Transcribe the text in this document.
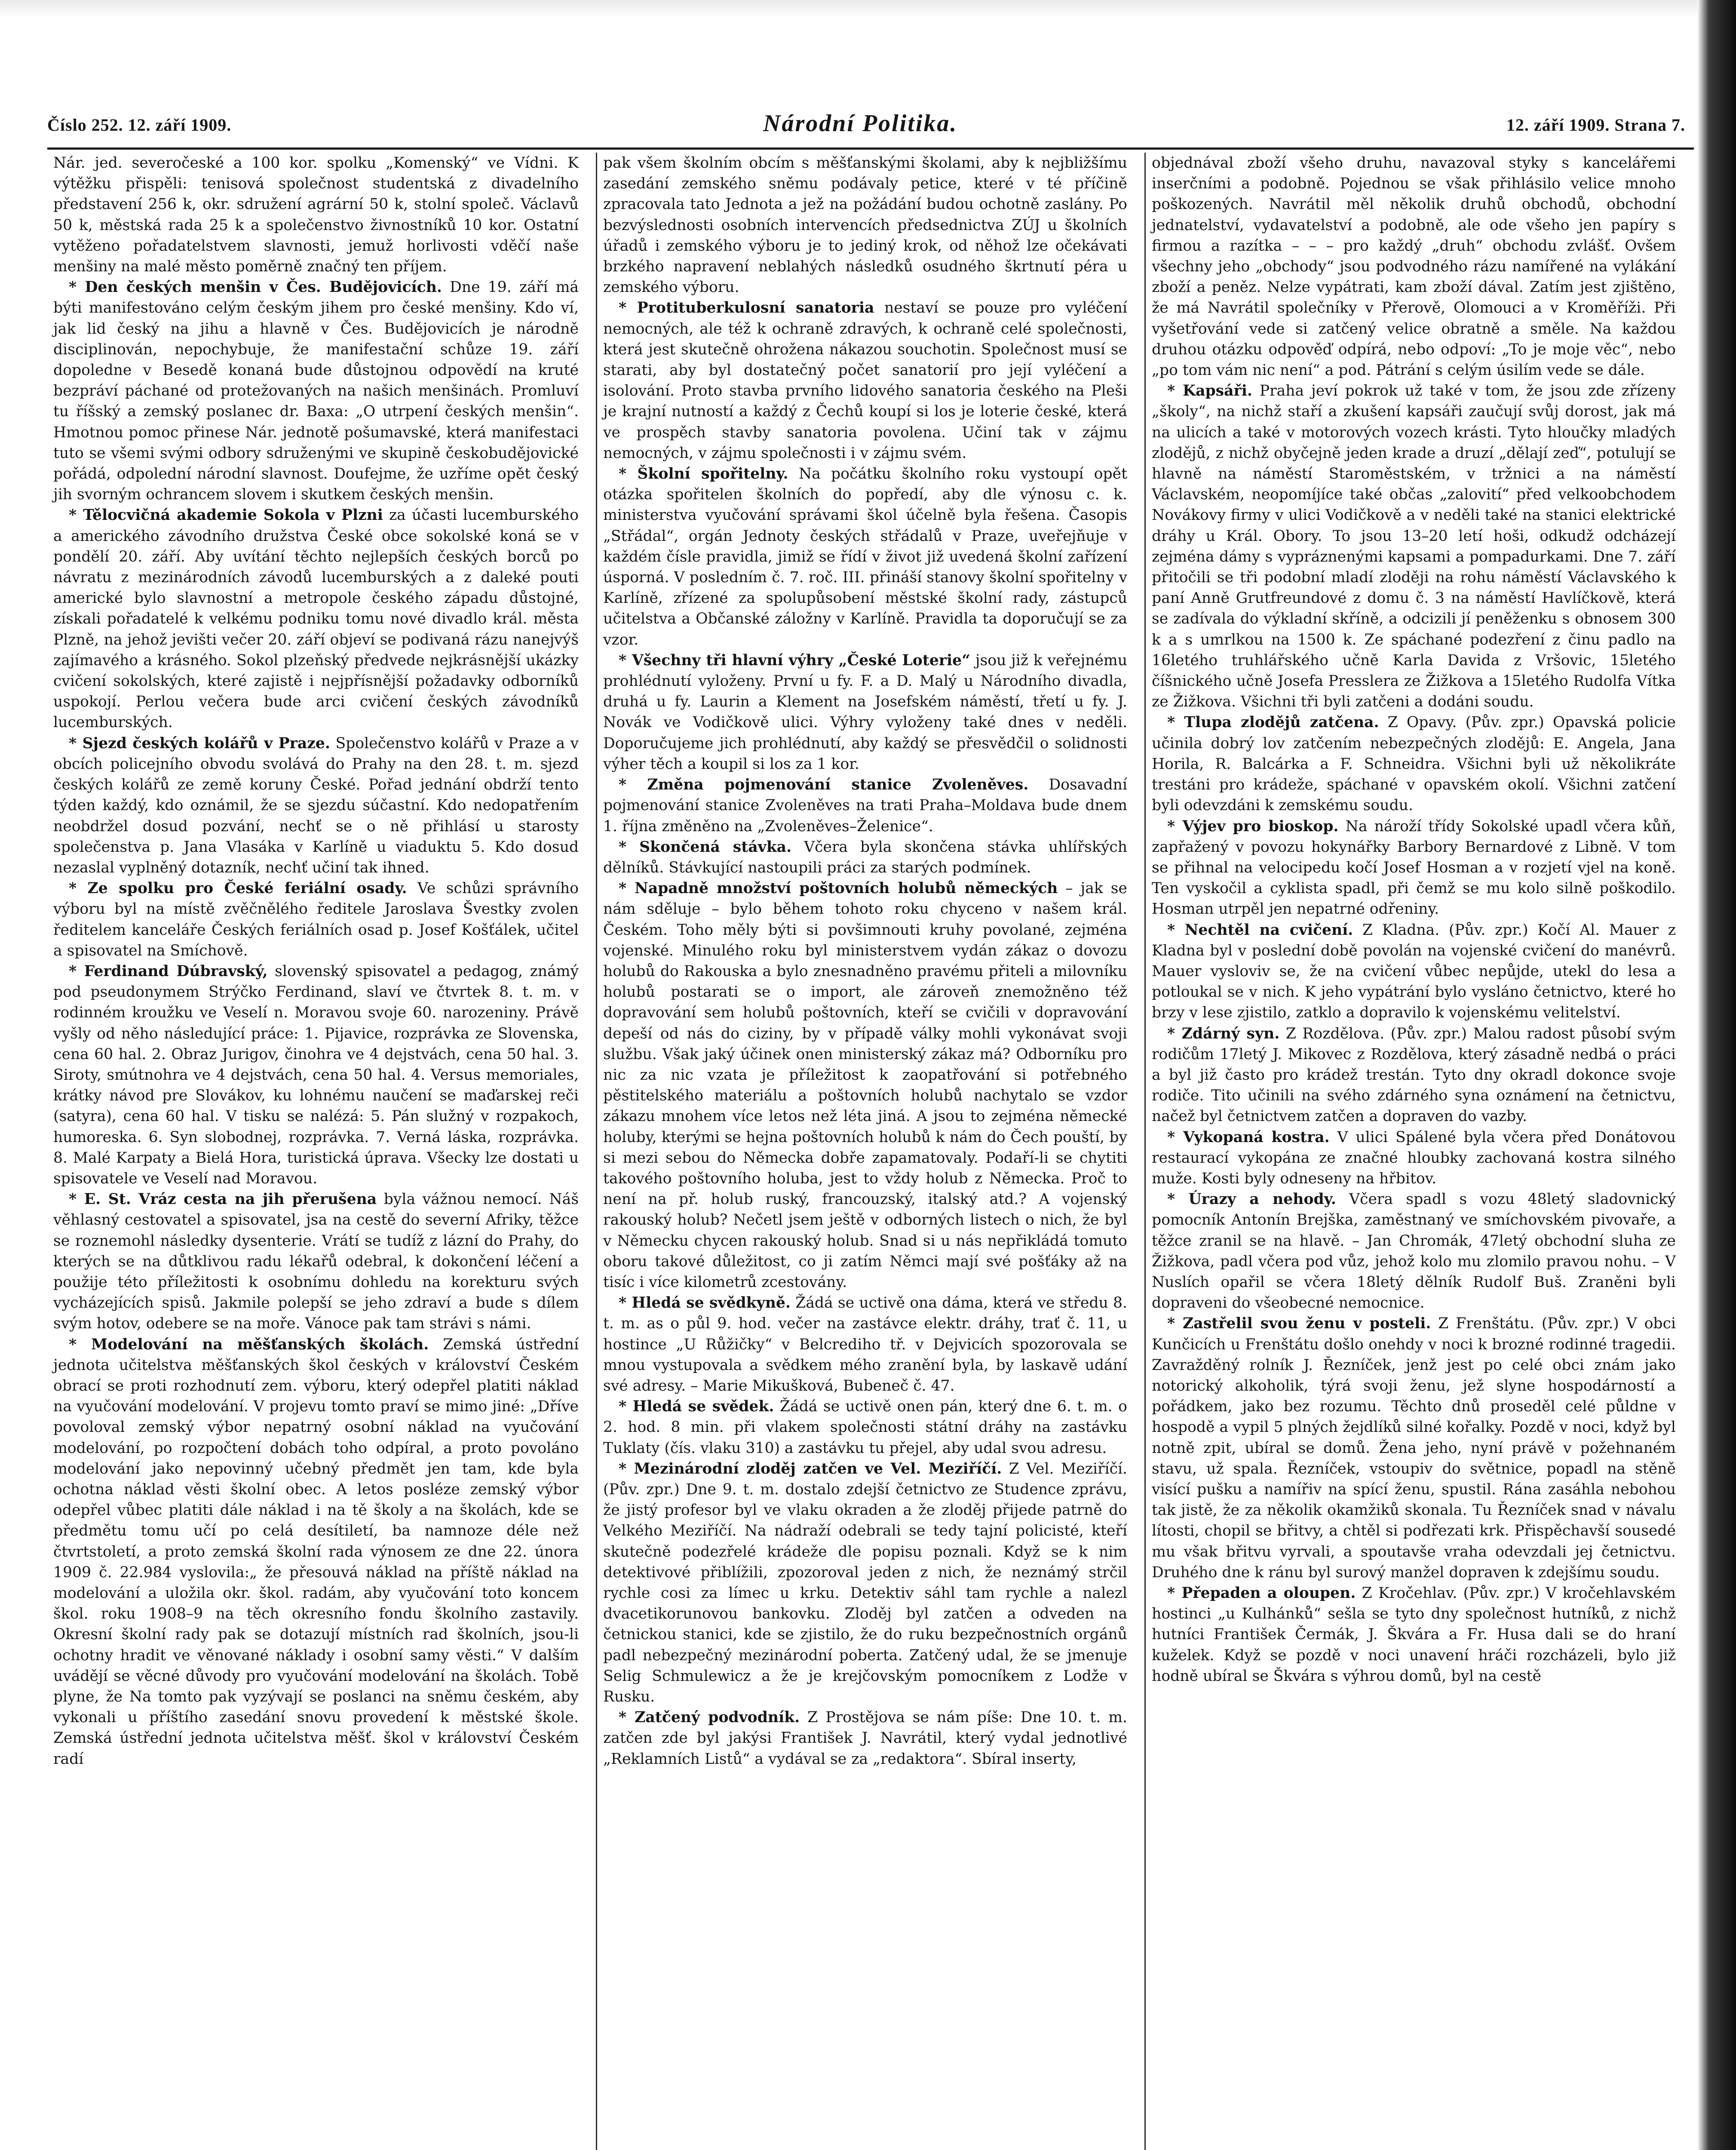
Číslo 252. 12. září 1909.	Národní Politika.	12. září 1909. Strana 7.

Nár. jed. severočeské a 100 kor. spolku „Komenský“ ve Vídni. K výtěžku přispěli: tenisová společnost studentská z divadelního představení 256 k, okr. sdružení agrární 50 k, stolní společ. Václavů 50 k, městská rada 25 k a společenstvo živnostníků 10 kor. Ostatní vytěženo pořadatelstvem slavnosti, jemuž horlivosti vděčí naše menšiny na malé město poměrně značný ten příjem.

* Den českých menšin v Čes. Budějovicích. Dne 19. září má býti manifestováno celým českým jihem pro české menšiny. Kdo ví, jak lid český na jihu a hlavně v Čes. Budějovicích je národně disciplinován, nepochybuje, že manifestační schůze 19. září dopoledne v Besedě konaná bude důstojnou odpovědí na kruté bezpráví páchané od protežovaných na našich menšinách. Promluví tu říšský a zemský poslanec dr. Baxa: „O utrpení českých menšin“. Hmotnou pomoc přinese Nár. jednotě pošumavské, která manifestaci tuto se všemi svými odbory sdruženými ve skupině českobudějovické pořádá, odpolední národní slavnost. Doufejme, že uzříme opět český jih svorným ochrancem slovem i skutkem českých menšin.

* Tělocvičná akademie Sokola v Plzni za účasti lucemburského a amerického závodního družstva České obce sokolské koná se v pondělí 20. září. Aby uvítání těchto nejlepších českých borců po návratu z mezinárodních závodů lucemburských a z daleké pouti americké bylo slavnostní a metropole českého západu důstojné, získali pořadatelé k velkému podniku tomu nové divadlo král. města Plzně, na jehož jevišti večer 20. září objeví se podivaná rázu nanejvýš zajímavého a krásného. Sokol plzeňský předvede nejkrásnější ukázky cvičení sokolských, které zajistě i nejpřísnější požadavky odborníků uspokojí. Perlou večera bude arci cvičení českých závodníků lucemburských.

* Sjezd českých kolářů v Praze. Společenstvo kolářů v Praze a v obcích policejního obvodu svolává do Prahy na den 28. t. m. sjezd českých kolářů ze země koruny České. Pořad jednání obdrží tento týden každý, kdo oznámil, že se sjezdu súčastní. Kdo nedopatřením neobdržel dosud pozvání, nechť se o ně přihlásí u starosty společenstva p. Jana Vlasáka v Karlíně u viaduktu 5. Kdo dosud nezaslal vyplněný dotazník, nechť učiní tak ihned.

* Ze spolku pro České feriální osady. Ve schůzi správního výboru byl na místě zvěčnělého ředitele Jaroslava Švestky zvolen ředitelem kanceláře Českých feriálních osad p. Josef Košťálek, učitel a spisovatel na Smíchově.

* Ferdinand Dúbravský, slovenský spisovatel a pedagog, známý pod pseudonymem Strýčko Ferdinand, slaví ve čtvrtek 8. t. m. v rodinném kroužku ve Veselí n. Moravou svoje 60. narozeniny. Právě vyšly od něho následující práce: 1. Pijavice, rozprávka ze Slovenska, cena 60 hal. 2. Obraz Jurigov, činohra ve 4 dejstvách, cena 50 hal. 3. Siroty, smútnohra ve 4 dejstvách, cena 50 hal. 4. Versus memoriales, krátky návod pre Slovákov, ku lohnému naučení se maďarskej reči (satyra), cena 60 hal. V tisku se nalézá: 5. Pán služný v rozpakoch, humoreska. 6. Syn slobodnej, rozprávka. 7. Verná láska, rozprávka. 8. Malé Karpaty a Bielá Hora, turistická úprava. Všecky lze dostati u spisovatele ve Veselí nad Moravou.

* E. St. Vráz cesta na jih přerušena byla vážnou nemocí. Náš věhlasný cestovatel a spisovatel, jsa na cestě do severní Afriky, těžce se roznemohl následky dysenterie. Vrátí se tudíž z lázní do Prahy, do kterých se na důtklivou radu lékařů odebral, k dokončení léčení a použije této příležitosti k osobnímu dohledu na korekturu svých vycházejících spisů. Jakmile polepší se jeho zdraví a bude s dílem svým hotov, odebere se na moře. Vánoce pak tam strávi s námi.

* Modelování na měšťanských školách. Zemská ústřední jednota učitelstva měšťanských škol českých v království Českém obrací se proti rozhodnutí zem. výboru, který odepřel platiti náklad na vyučování modelování. V projevu tomto praví se mimo jiné: „Dříve povoloval zemský výbor nepatrný osobní náklad na vyučování modelování, po rozpočtení dobách toho odpíral, a proto povoláno modelování jako nepovinný učebný předmět jen tam, kde byla ochotna náklad věsti školní obec. A letos posléze zemský výbor odepřel vůbec platiti dále náklad i na tě školy a na školách, kde se předmětu tomu učí po celá desítiletí, ba namnoze déle než čtvrtstoletí, a proto zemská školní rada výnosem ze dne 22. února 1909 č. 22.984 vyslovila:„ že přesouvá náklad na příště náklad na modelování a uložila okr. škol. radám, aby vyučování toto koncem škol. roku 1908–9 na těch okresního fondu školního zastavily. Okresní školní rady pak se dotazují místních rad školních, jsou-li ochotny hradit ve věnované náklady i osobní samy věsti.“ V dalším uvádějí se věcné důvody pro vyučování modelování na školách. Tobě plyne, že Na tomto pak vyzývají se poslanci na sněmu českém, aby vykonali u příštího zasedání snovu provedení k městské škole. Zemská ústřední jednota učitelstva měšť. škol v království Českém radí

pak všem školním obcím s měšťanskými školami, aby k nejbližšímu zasedání zemského sněmu podávaly petice, které v té příčině zpracovala tato Jednota a jež na požádání budou ochotně zaslány. Po bezvýslednosti osobních intervencích předsednictva ZÚJ u školních úřadů i zemského výboru je to jediný krok, od něhož lze očekávati brzkého napravení neblahých následků osudného škrtnutí péra u zemského výboru.

* Protituberkulosní sanatoria nestaví se pouze pro vyléčení nemocných, ale též k ochraně zdravých, k ochraně celé společnosti, která jest skutečně ohrožena nákazou souchotin. Společnost musí se starati, aby byl dostatečný počet sanatorií pro její vyléčení a isolování. Proto stavba prvního lidového sanatoria českého na Pleši je krajní nutností a každý z Čechů koupí si los je loterie české, která ve prospěch stavby sanatoria povolena. Učiní tak v zájmu nemocných, v zájmu společnosti i v zájmu svém.

* Školní spořitelny. Na počátku školního roku vystoupí opět otázka spořitelen školních do popředí, aby dle výnosu c. k. ministerstva vyučování správami škol účelně byla řešena. Časopis „Střádal“, orgán Jednoty českých střádalů v Praze, uveřejňuje v každém čísle pravidla, jimiž se řídí v život již uvedená školní zařízení úsporná. V posledním č. 7. roč. III. přináší stanovy školní spořitelny v Karlíně, zřízené za spolupůsobení městské školní rady, zástupců učitelstva a Občanské záložny v Karlíně. Pravidla ta doporučují se za vzor.

* Všechny tři hlavní výhry „České Loterie“ jsou již k veřejnému prohlédnutí vyloženy. První u fy. F. a D. Malý u Národního divadla, druhá u fy. Laurin a Klement na Josefském náměstí, třetí u fy. J. Novák ve Vodičkově ulici. Výhry vyloženy také dnes v neděli. Doporučujeme jich prohlédnutí, aby každý se přesvědčil o solidnosti výher těch a koupil si los za 1 kor.

* Změna pojmenování stanice Zvoleněves. Dosavadní pojmenování stanice Zvoleněves na trati Praha–Moldava bude dnem 1. října změněno na „Zvoleněves–Želenice“.

* Skončená stávka. Včera byla skončena stávka uhlířských dělníků. Stávkující nastoupili práci za starých podmínek.

* Napadně množství poštovních holubů německých – jak se nám sděluje – bylo během tohoto roku chyceno v našem král. Českém. Toho měly býti si povšimnouti kruhy povolané, zejména vojenské. Minulého roku byl ministerstvem vydán zákaz o dovozu holubů do Rakouska a bylo znesnadněno pravému přiteli a milovníku holubů postarati se o import, ale zároveň znemožněno též dopravování sem holubů poštovních, kteří se cvičili v dopravování depeší od nás do ciziny, by v případě války mohli vykonávat svoji službu. Však jaký účinek onen ministerský zákaz má? Odborníku pro nic za nic vzata je příležitost k zaopatřování si potřebného pěstitelského materiálu a poštovních holubů nachytalo se vzdor zákazu mnohem více letos než léta jiná. A jsou to zejména německé holuby, kterými se hejna poštovních holubů k nám do Čech pouští, by si mezi sebou do Německa dobře zapamatovaly. Podaří-li se chytiti takového poštovního holuba, jest to vždy holub z Německa. Proč to není na př. holub ruský, francouzský, italský atd.? A vojenský rakouský holub? Nečetl jsem ještě v odborných listech o nich, že byl v Německu chycen rakouský holub. Snad si u nás nepřikládá tomuto oboru takové důležitost, co ji zatím Němci mají své pošťáky až na tisíc i více kilometrů zcestovány.

* Hledá se svědkyně. Žádá se uctivě ona dáma, která ve středu 8. t. m. as o půl 9. hod. večer na zastávce elektr. dráhy, trať č. 11, u hostince „U Růžičky“ v Belcrediho tř. v Dejvicích spozorovala se mnou vystupovala a svědkem mého zranění byla, by laskavě udání své adresy. – Marie Mikušková, Bubeneč č. 47.

* Hledá se svědek. Žádá se uctivě onen pán, který dne 6. t. m. o 2. hod. 8 min. při vlakem společnosti státní dráhy na zastávku Tuklaty (čís. vlaku 310) a zastávku tu přejel, aby udal svou adresu.

* Mezinárodní zloděj zatčen ve Vel. Meziříčí. Z Vel. Meziříčí. (Pův. zpr.) Dne 9. t. m. dostalo zdejší četnictvo ze Studence zprávu, že jistý profesor byl ve vlaku okraden a že zloděj přijede patrně do Velkého Meziříčí. Na nádraží odebrali se tedy tajní policisté, kteří skutečně podezřelé krádeže dle popisu poznali. Když se k nim detektivové přiblížili, zpozoroval jeden z nich, že neznámý strčil rychle cosi za límec u krku. Detektiv sáhl tam rychle a nalezl dvacetikorunovou bankovku. Zloděj byl zatčen a odveden na četnickou stanici, kde se zjistilo, že do ruku bezpečnostních orgánů padl nebezpečný mezinárodní poberta. Zatčený udal, že se jmenuje Selig Schmulewicz a že je krejčovským pomocníkem z Lodže v Rusku.

* Zatčený podvodník. Z Prostějova se nám píše: Dne 10. t. m. zatčen zde byl jakýsi František J. Navrátil, který vydal jednotlivé „Reklamních Listů“ a vydával se za „redaktora“. Sbíral inserty,

objednával zboží všeho druhu, navazoval styky s kancelářemi inserčními a podobně. Pojednou se však přihlásilo velice mnoho poškozených. Navrátil měl několik druhů obchodů, obchodní jednatelství, vydavatelství a podobně, ale ode všeho jen papíry s firmou a razítka – – – pro každý „druh“ obchodu zvlášť. Ovšem všechny jeho „obchody“ jsou podvodného rázu namířené na vylákání zboží a peněz. Nelze vypátrati, kam zboží dával. Zatím jest zjištěno, že má Navrátil společníky v Přerově, Olomouci a v Kroměříži. Při vyšetřování vede si zatčený velice obratně a směle. Na každou druhou otázku odpověď odpírá, nebo odpoví: „To je moje věc“, nebo „po tom vám nic není“ a pod. Pátrání s celým úsilím vede se dále.

* Kapsáři. Praha jeví pokrok už také v tom, že jsou zde zřízeny „školy“, na nichž staří a zkušení kapsáři zaučují svůj dorost, jak má na ulicích a také v motorových vozech krásti. Tyto hloučky mladých zlodějů, z nichž obyčejně jeden krade a druzí „dělají zeď“, potulují se hlavně na náměstí Staroměstském, v tržnici a na náměstí Václavském, neopomíjíce také občas „zalovití“ před velkoobchodem Novákovy firmy v ulici Vodičkově a v neděli také na stanici elektrické dráhy u Král. Obory. To jsou 13–20 letí hoši, odkudž odcházejí zejména dámy s vypráznenými kapsami a pompadurkami. Dne 7. září přitočili se tři podobní mladí zloději na rohu náměstí Václavského k paní Anně Grutfreundové z domu č. 3 na náměstí Havlíčkově, která se zadívala do výkladní skříně, a odcizili jí peněženku s obnosem 300 k a s umrlkou na 1500 k. Ze spáchané podezření z činu padlo na 16letého truhlářského učně Karla Davida z Vršovic, 15letého číšnického učně Josefa Presslera ze Žižkova a 15letého Rudolfa Vítka ze Žižkova. Všichni tři byli zatčeni a dodáni soudu.

* Tlupa zlodějů zatčena. Z Opavy. (Pův. zpr.) Opavská policie učinila dobrý lov zatčením nebezpečných zlodějů: E. Angela, Jana Horila, R. Balcárka a F. Schneidra. Všichni byli už několikráte trestáni pro krádeže, spáchané v opavském okolí. Všichni zatčení byli odevzdáni k zemskému soudu.

* Výjev pro bioskop. Na nároží třídy Sokolské upadl včera kůň, zapřažený v povozu hokynářky Barbory Bernardové z Libně. V tom se přihnal na velocipedu kočí Josef Hosman a v rozjetí vjel na koně. Ten vyskočil a cyklista spadl, při čemž se mu kolo silně poškodilo. Hosman utrpěl jen nepatrné odřeniny.

* Nechtěl na cvičení. Z Kladna. (Pův. zpr.) Kočí Al. Mauer z Kladna byl v poslední době povolán na vojenské cvičení do manévrů. Mauer vysloviv se, že na cvičení vůbec nepůjde, utekl do lesa a potloukal se v nich. K jeho vypátrání bylo vysláno četnictvo, které ho brzy v lese zjistilo, zatklo a dopravilo k vojenskému velitelství.

* Zdárný syn. Z Rozdělova. (Pův. zpr.) Malou radost působí svým rodičům 17letý J. Mikovec z Rozdělova, který zásadně nedbá o práci a byl již často pro krádež trestán. Tyto dny okradl dokonce svoje rodiče. Tito učinili na svého zdárného syna oznámení na četnictvu, načež byl četnictvem zatčen a dopraven do vazby.

* Vykopaná kostra. V ulici Spálené byla včera před Donátovou restaurací vykopána ze značné hloubky zachovaná kostra silného muže. Kosti byly odneseny na hřbitov.

* Úrazy a nehody. Včera spadl s vozu 48letý sladovnický pomocník Antonín Brejška, zaměstnaný ve smíchovském pivovaře, a těžce zranil se na hlavě. – Jan Chromák, 47letý obchodní sluha ze Žižkova, padl včera pod vůz, jehož kolo mu zlomilo pravou nohu. – V Nuslích opařil se včera 18letý dělník Rudolf Buš. Zraněni byli dopraveni do všeobecné nemocnice.

* Zastřelil svou ženu v posteli. Z Frenštátu. (Pův. zpr.) V obci Kunčicích u Frenštátu došlo onehdy v noci k brozné rodinné tragedii. Zavražděný rolník J. Řezníček, jenž jest po celé obci znám jako notorický alkoholik, týrá svoji ženu, jež slyne hospodárností a pořádkem, jako bez rozumu. Těchto dnů proseděl celé půldne v hospodě a vypil 5 plných žejdlíků silné kořalky. Pozdě v noci, když byl notně zpit, ubíral se domů. Žena jeho, nyní právě v požehnaném stavu, už spala. Řezníček, vstoupiv do světnice, popadl na stěně visící pušku a namířiv na spící ženu, spustil. Rána zasáhla nebohou tak jistě, že za několik okamžiků skonala. Tu Řezníček snad v návalu lítosti, chopil se břitvy, a chtěl si podřezati krk. Přispěchavší sousedé mu však břitvu vyrvali, a spoutavše vraha odevzdali jej četnictvu. Druhého dne k ránu byl surový manžel dopraven k zdejšímu soudu.

* Přepaden a oloupen. Z Kročehlav. (Pův. zpr.) V kročehlavském hostinci „u Kulhánků“ sešla se tyto dny společnost hutníků, z nichž hutníci František Čermák, J. Škvára a Fr. Husa dali se do hraní kuželek. Když se pozdě v noci unavení hráči rozcházeli, bylo již hodně ubíral se Škvára s výhrou domů, byl na cestě
